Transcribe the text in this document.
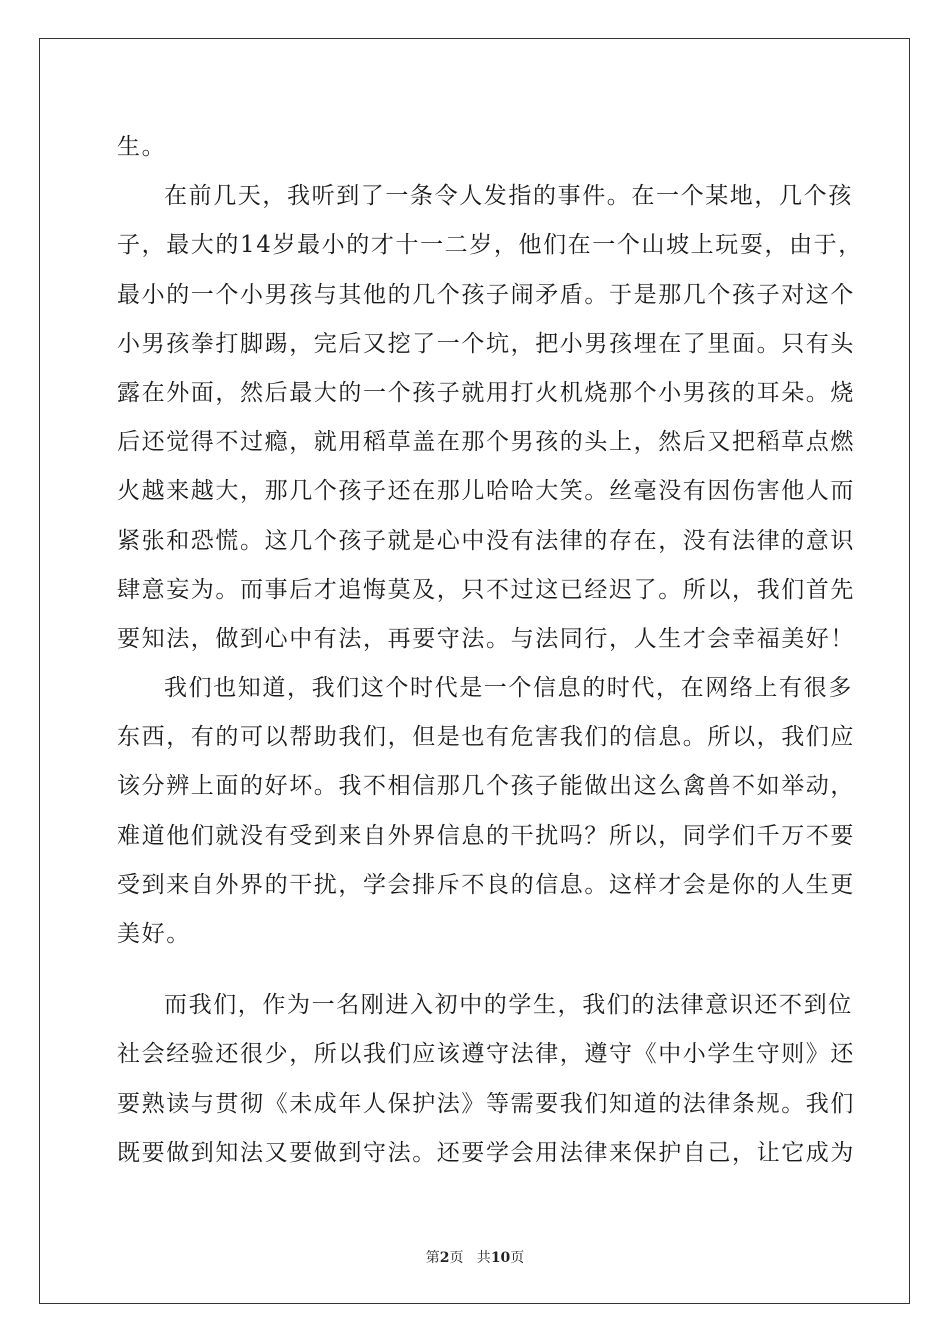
生。
在前几天，我听到了一条令人发指的事件。在一个某地，几个孩
子，最大的14岁最小的才十一二岁，他们在一个山坡上玩耍，由于，
最小的一个小男孩与其他的几个孩子闹矛盾。于是那几个孩子对这个
小男孩拳打脚踢，完后又挖了一个坑，把小男孩埋在了里面。只有头
露在外面，然后最大的一个孩子就用打火机烧那个小男孩的耳朵。烧
后还觉得不过瘾，就用稻草盖在那个男孩的头上，然后又把稻草点燃
火越来越大，那几个孩子还在那儿哈哈大笑。丝毫没有因伤害他人而
紧张和恐慌。这几个孩子就是心中没有法律的存在，没有法律的意识
肆意妄为。而事后才追悔莫及，只不过这已经迟了。所以，我们首先
要知法，做到心中有法，再要守法。与法同行，人生才会幸福美好！
我们也知道，我们这个时代是一个信息的时代，在网络上有很多
东西，有的可以帮助我们，但是也有危害我们的信息。所以，我们应
该分辨上面的好坏。我不相信那几个孩子能做出这么禽兽不如举动，
难道他们就没有受到来自外界信息的干扰吗？所以，同学们千万不要
受到来自外界的干扰，学会排斥不良的信息。这样才会是你的人生更
美好。
而我们，作为一名刚进入初中的学生，我们的法律意识还不到位
社会经验还很少，所以我们应该遵守法律，遵守《中小学生守则》还
要熟读与贯彻《未成年人保护法》等需要我们知道的法律条规。我们
既要做到知法又要做到守法。还要学会用法律来保护自己，让它成为
第2页   共10页
